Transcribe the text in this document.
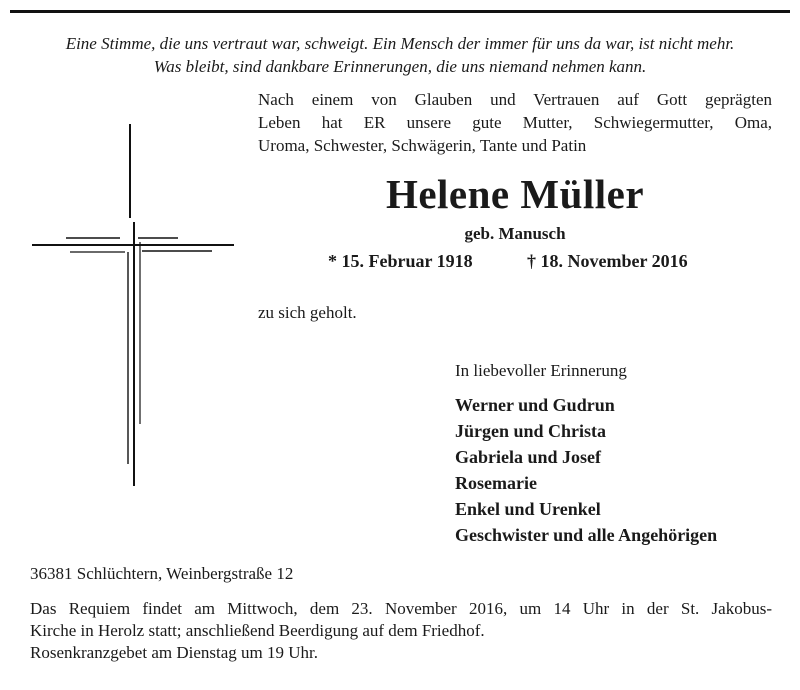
Eine Stimme, die uns vertraut war, schweigt. Ein Mensch der immer für uns da war, ist nicht mehr.
Was bleibt, sind dankbare Erinnerungen, die uns niemand nehmen kann.
Nach einem von Glauben und Vertrauen auf Gott geprägten
Leben hat ER unsere gute Mutter, Schwiegermutter, Oma,
Uroma, Schwester, Schwägerin, Tante und Patin
Helene Müller
geb. Manusch
* 15. Februar 1918	† 18. November 2016
zu sich geholt.
In liebevoller Erinnerung
Werner und Gudrun
Jürgen und Christa
Gabriela und Josef
Rosemarie
Enkel und Urenkel
Geschwister und alle Angehörigen
36381 Schlüchtern, Weinbergstraße 12
Das Requiem findet am Mittwoch, dem 23. November 2016, um 14 Uhr in der St. Jakobus-
Kirche in Herolz statt; anschließend Beerdigung auf dem Friedhof.
Rosenkranzgebet am Dienstag um 19 Uhr.
